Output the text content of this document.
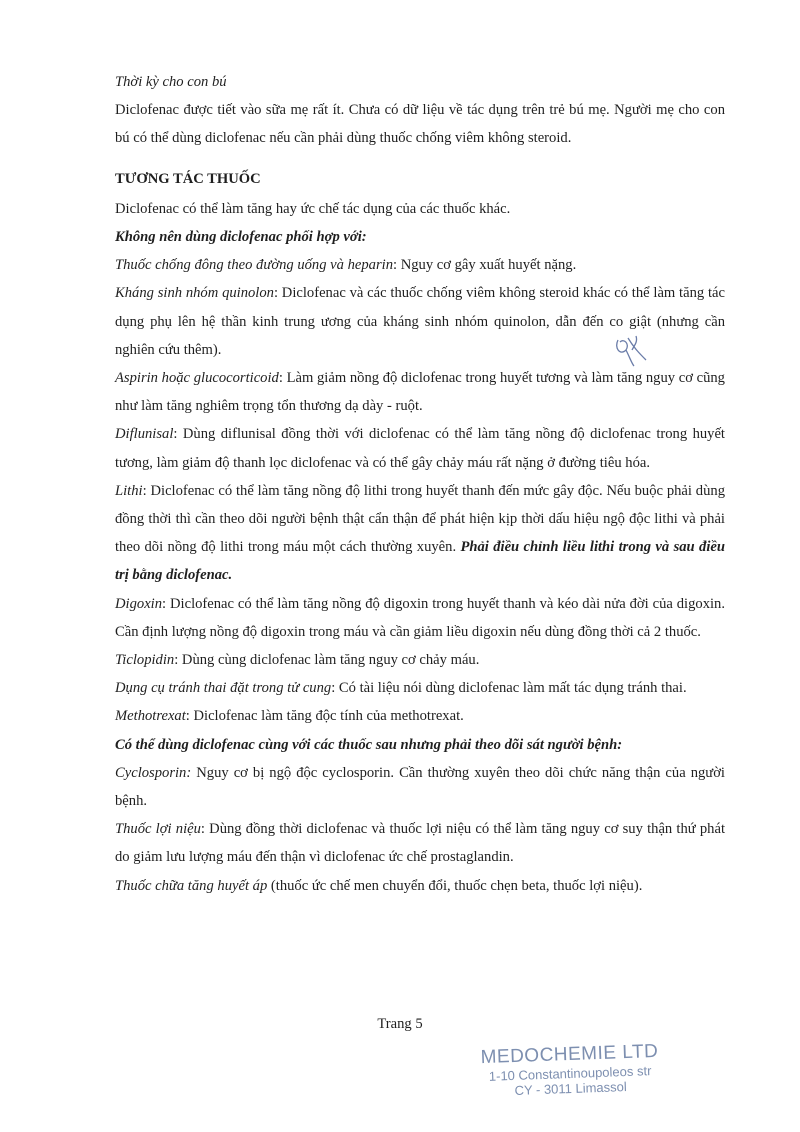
Thời kỳ cho con bú

Diclofenac được tiết vào sữa mẹ rất ít. Chưa có dữ liệu về tác dụng trên trẻ bú mẹ. Người mẹ cho con bú có thể dùng diclofenac nếu cần phải dùng thuốc chống viêm không steroid.

TƯƠNG TÁC THUỐC

Diclofenac có thể làm tăng hay ức chế tác dụng của các thuốc khác.

Không nên dùng diclofenac phối hợp với:

Thuốc chống đông theo đường uống và heparin: Nguy cơ gây xuất huyết nặng.

Kháng sinh nhóm quinolon: Diclofenac và các thuốc chống viêm không steroid khác có thể làm tăng tác dụng phụ lên hệ thần kinh trung ương của kháng sinh nhóm quinolon, dẫn đến co giật (nhưng cần nghiên cứu thêm).

Aspirin hoặc glucocorticoid: Làm giảm nồng độ diclofenac trong huyết tương và làm tăng nguy cơ cũng như làm tăng nghiêm trọng tổn thương dạ dày - ruột.

Diflunisal: Dùng diflunisal đồng thời với diclofenac có thể làm tăng nồng độ diclofenac trong huyết tương, làm giảm độ thanh lọc diclofenac và có thể gây chảy máu rất nặng ở đường tiêu hóa.

Lithi: Diclofenac có thể làm tăng nồng độ lithi trong huyết thanh đến mức gây độc. Nếu buộc phải dùng đồng thời thì cần theo dõi người bệnh thật cẩn thận để phát hiện kịp thời dấu hiệu ngộ độc lithi và phải theo dõi nồng độ lithi trong máu một cách thường xuyên. Phải điều chỉnh liều lithi trong và sau điều trị bằng diclofenac.

Digoxin: Diclofenac có thể làm tăng nồng độ digoxin trong huyết thanh và kéo dài nửa đời của digoxin. Cần định lượng nồng độ digoxin trong máu và cần giảm liều digoxin nếu dùng đồng thời cả 2 thuốc.

Ticlopidin: Dùng cùng diclofenac làm tăng nguy cơ chảy máu.

Dụng cụ tránh thai đặt trong tử cung: Có tài liệu nói dùng diclofenac làm mất tác dụng tránh thai.

Methotrexat: Diclofenac làm tăng độc tính của methotrexat.

Có thể dùng diclofenac cùng với các thuốc sau nhưng phải theo dõi sát người bệnh:

Cyclosporin: Nguy cơ bị ngộ độc cyclosporin. Cần thường xuyên theo dõi chức năng thận của người bệnh.

Thuốc lợi niệu: Dùng đồng thời diclofenac và thuốc lợi niệu có thể làm tăng nguy cơ suy thận thứ phát do giảm lưu lượng máu đến thận vì diclofenac ức chế prostaglandin.

Thuốc chữa tăng huyết áp (thuốc ức chế men chuyển đổi, thuốc chẹn beta, thuốc lợi niệu).

Trang 5
MEDOCHEMIE LTD
1-10 Constantinoupoleos str
CY - 3011 Limassol
